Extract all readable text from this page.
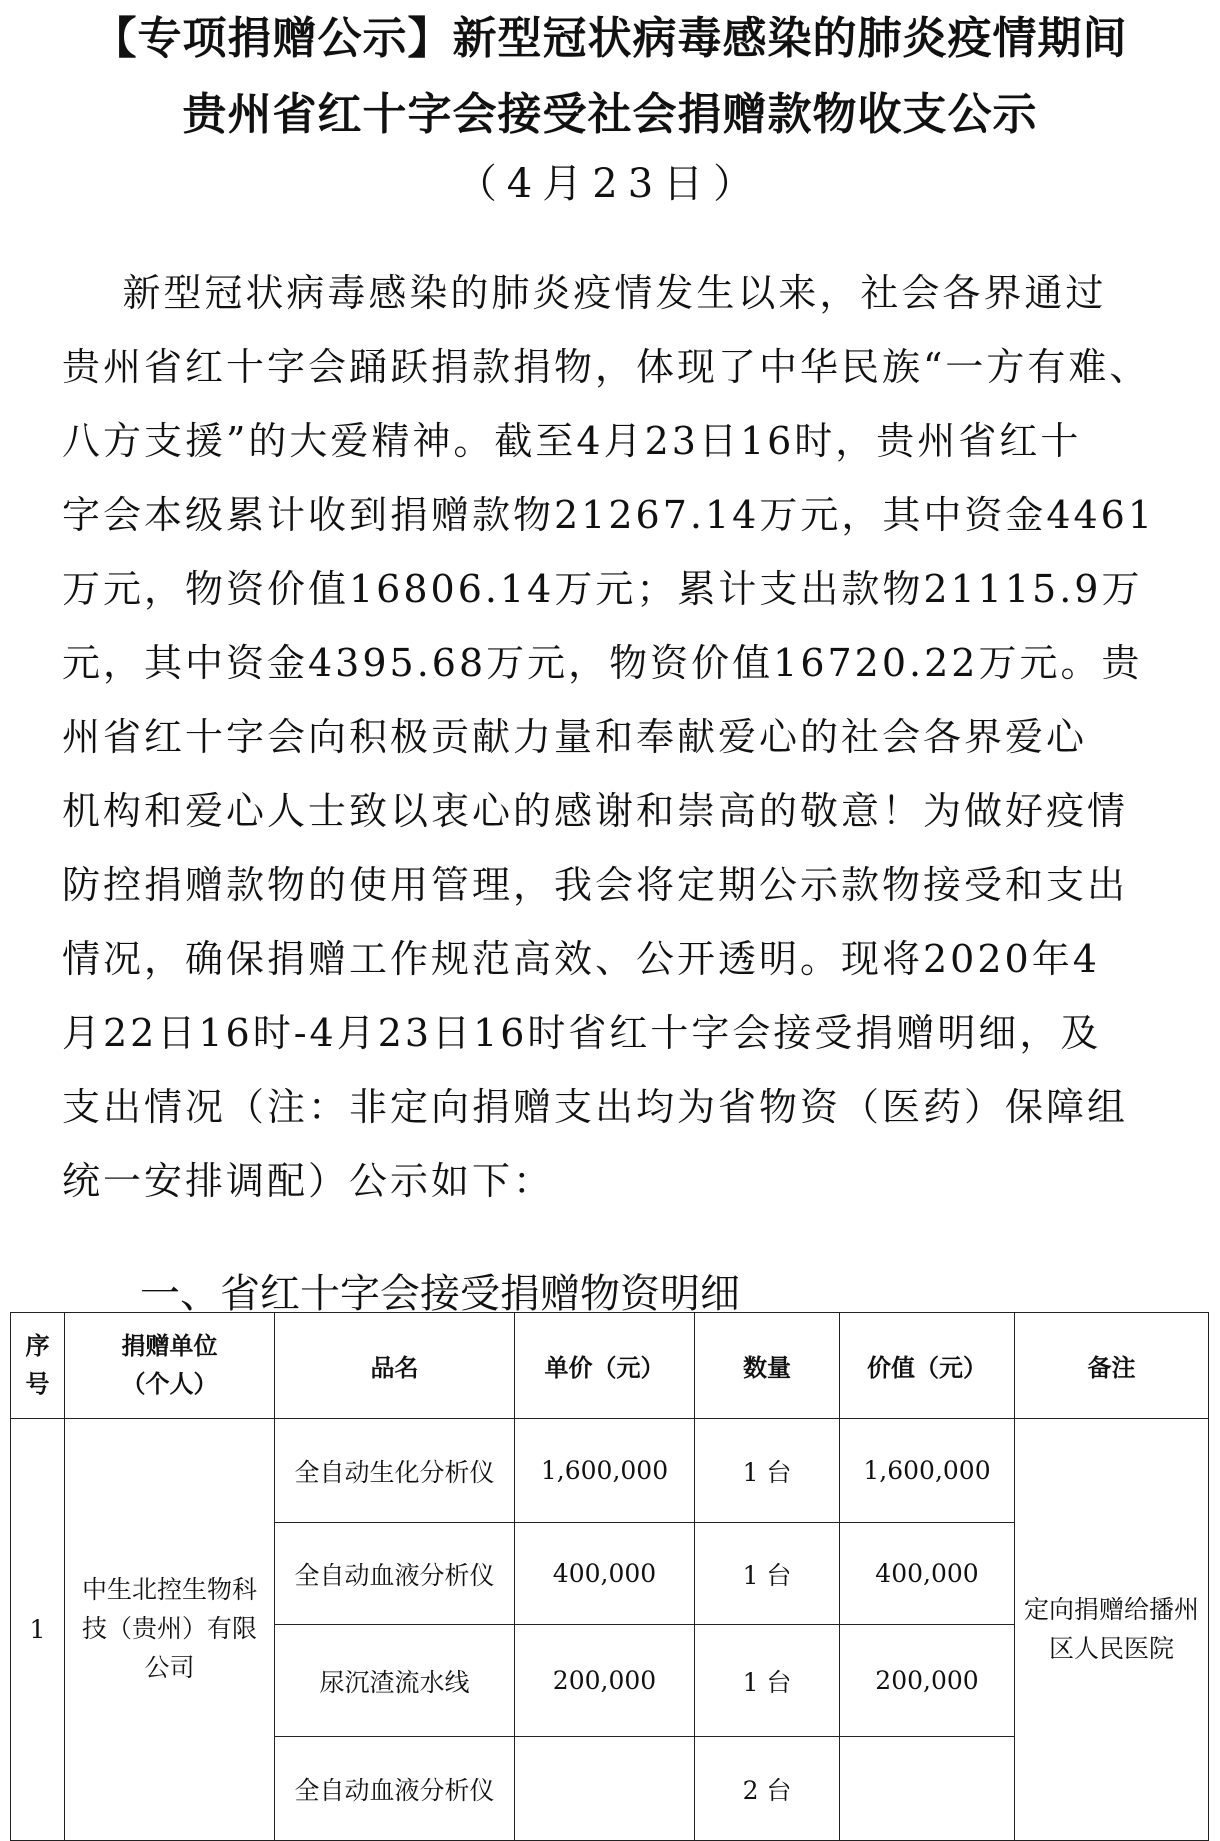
【专项捐赠公示】新型冠状病毒感染的肺炎疫情期间
贵州省红十字会接受社会捐赠款物收支公示
（4月23日）
新型冠状病毒感染的肺炎疫情发生以来，社会各界通过
贵州省红十字会踊跃捐款捐物，体现了中华民族“一方有难、
八方支援”的大爱精神。截至4月23日16时，贵州省红十
字会本级累计收到捐赠款物21267.14万元，其中资金4461
万元，物资价值16806.14万元；累计支出款物21115.9万
元，其中资金4395.68万元，物资价值16720.22万元。贵
州省红十字会向积极贡献力量和奉献爱心的社会各界爱心
机构和爱心人士致以衷心的感谢和崇高的敬意！为做好疫情
防控捐赠款物的使用管理，我会将定期公示款物接受和支出
情况，确保捐赠工作规范高效、公开透明。现将2020年4
月22日16时-4月23日16时省红十字会接受捐赠明细，及
支出情况（注：非定向捐赠支出均为省物资（医药）保障组
统一安排调配）公示如下：
一、省红十字会接受捐赠物资明细
序号	捐赠单位（个人）	品名	单价（元）	数量	价值（元）	备注
1	中生北控生物科技（贵州）有限公司	全自动生化分析仪	1,600,000	1 台	1,600,000	定向捐赠给播州区人民医院

		全自动血液分析仪	400,000	1 台	400,000	
		尿沉渣流水线	200,000	1 台	200,000	
		全自动血液分析仪		2 台		
